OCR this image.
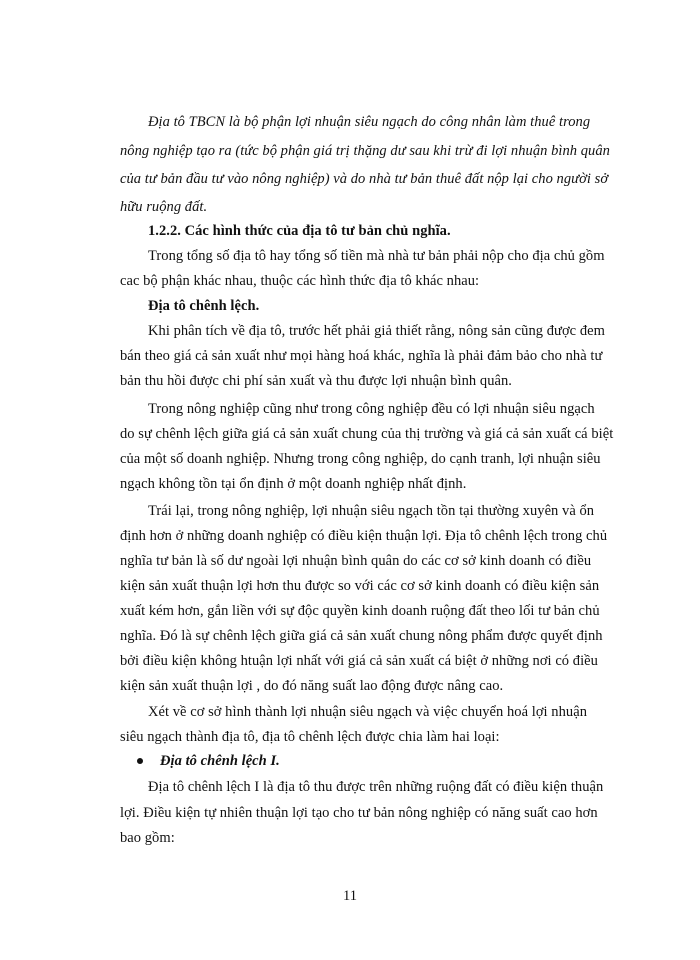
Địa tô TBCN là bộ phận lợi nhuận siêu ngạch do công nhân làm thuê trong
nông nghiệp tạo ra (tức bộ phận giá trị thặng dư sau khi trừ đi lợi nhuận bình quân
của tư bản đầu tư vào nông nghiệp) và do nhà tư bản thuê đất nộp lại cho người sở
hữu ruộng đất.
1.2.2. Các hình thức của địa tô tư bản chủ nghĩa.
Trong tổng số địa tô hay tổng số tiền mà nhà tư bản phải nộp cho địa chủ gồm
cac bộ phận khác nhau, thuộc các hình thức địa tô khác nhau:
Địa tô chênh lệch.
Khi phân tích về địa tô, trước hết phải giả thiết rằng, nông sản cũng được đem
bán theo giá cả sản xuất như mọi hàng hoá khác, nghĩa là phải đảm bảo cho nhà tư
bản thu hồi được chi phí sản xuất và thu được lợi nhuận bình quân.
Trong nông nghiệp cũng như trong công nghiệp đều có lợi nhuận siêu ngạch
do sự chênh lệch giữa giá cả sản xuất chung của thị trường và giá cả sản xuất cá biệt
của một số doanh nghiệp. Nhưng trong công nghiệp, do cạnh tranh, lợi nhuận siêu
ngạch không tồn tại ổn định ở một doanh nghiệp nhất định.
Trái lại, trong nông nghiệp, lợi nhuận siêu ngạch tồn tại thường xuyên và ổn
định hơn ở những doanh nghiệp có điều kiện thuận lợi. Địa tô chênh lệch trong chủ
nghĩa tư bản là số dư ngoài lợi nhuận bình quân do các cơ sở kinh doanh có điều
kiện sản xuất thuận lợi hơn thu được so với các cơ sở kinh doanh có điều kiện sản
xuất kém hơn, gắn liền với sự độc quyền kinh doanh ruộng đất theo lối tư bản chủ
nghĩa. Đó là sự chênh lệch giữa giá cả sản xuất chung nông phẩm được quyết định
bởi điều kiện không htuận lợi nhất với giá cả sản xuất cá biệt ở những nơi có điều
kiện sản xuất thuận lợi , do đó năng suất lao động được nâng cao.
Xét về cơ sở hình thành lợi nhuận siêu ngạch và việc chuyển hoá lợi nhuận
siêu ngạch thành địa tô, địa tô chênh lệch được chia làm hai loại:
Địa tô chênh lệch I.
Địa tô chênh lệch I là địa tô thu được trên những ruộng đất có điều kiện thuận
lợi. Điều kiện tự nhiên thuận lợi tạo cho tư bản nông nghiệp có năng suất cao hơn
bao gồm:
11
